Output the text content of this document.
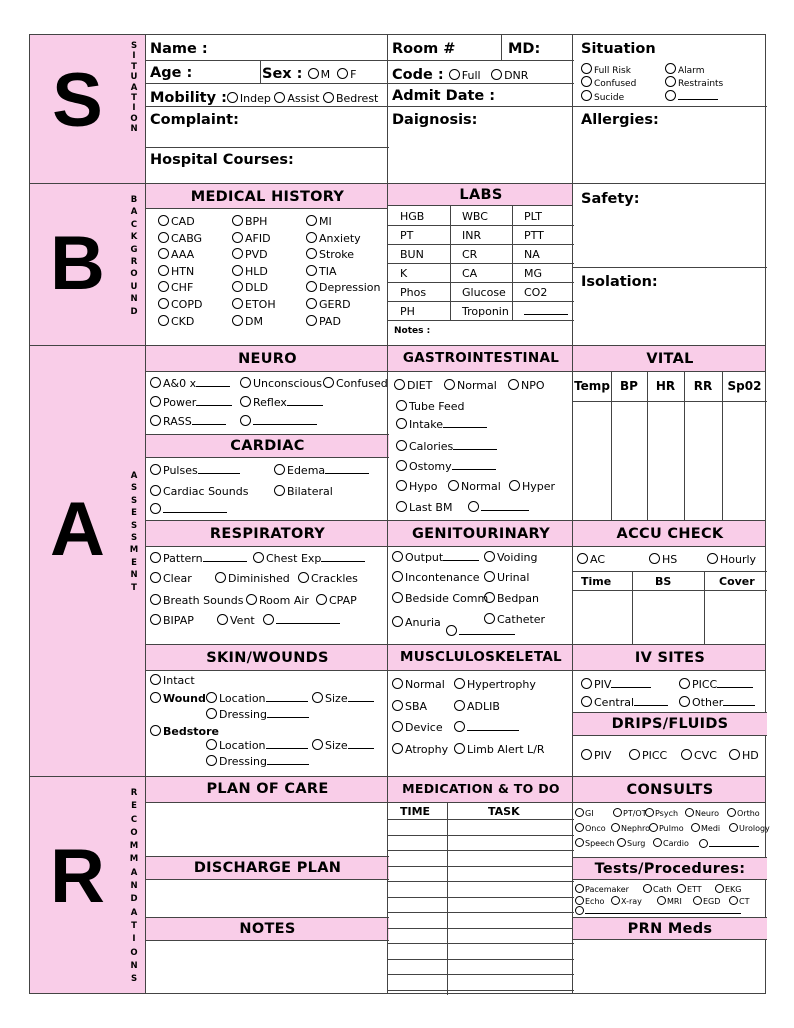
S
S
I
T
U
A
T
I
O
N
Name :
Age :	Sex : M F
Mobility : Indep Assist Bedrest
Complaint:
Hospital Courses:
Room #	MD:
Code : Full DNR
Admit Date :
Daignosis:
Situation
Full Risk	Alarm
Confused	Restraints
Sucide
Allergies:
B
B
A
C
K
G
R
O
U
N
D
MEDICAL HISTORY
CAD	BPH	MI
CABG	AFID	Anxiety
AAA	PVD	Stroke
HTN	HLD	TIA
CHF	DLD	Depression
COPD	ETOH	GERD
CKD	DM	PAD
LABS
HGB	WBC	PLT
PT	INR	PTT
BUN	CR	NA
K	CA	MG
Phos	Glucose CO2
PH	Troponin
Notes :
Safety:
Isolation:
A
A
S
S
E
S
S
M
E
N
T
NEURO
A&0 x	Unconscious	Confused
Power	Reflex
RASS
CARDIAC
Pulses	Edema
Cardiac Sounds	Bilateral
RESPIRATORY
Pattern	Chest Exp
Clear	Diminished	Crackles
Breath Sounds	Room Air	CPAP
BIPAP	Vent
SKIN/WOUNDS
Intact
Wound	Location	Size
Dressing
Bedstore
Location	Size
Dressing
GASTROINTESTINAL
DIET	Normal	NPO
Tube Feed
Intake
Calories
Ostomy
Hypo	Normal	Hyper
Last BM
GENITOURINARY
Output	Voiding
Incontenance	Urinal
Bedside Comm Bedpan
Catheter
Anuria
MUSCLULOSKELETAL
Normal	Hypertrophy
SBA	ADLIB
Device
Atrophy	Limb Alert L/R
VITAL
Temp BP	HR	RR	Sp02
ACCU CHECK
AC	HS	Hourly
Time	BS	Cover
IV SITES
PIV	PICC
Central	Other
DRIPS/FLUIDS
PIV	PICC	CVC	HD
R
R
E
C
O
M
M
A
N
D
A
T
I
O
N
S
PLAN OF CARE
DISCHARGE PLAN
NOTES
MEDICATION & TO DO
TIME	TASK
CONSULTS
GI	PT/OT	Psych	Neuro	Ortho
Onco	Nephro	Pulmo	Medi	Urology
Speech	Surg	Cardio
Tests/Procedures:
Pacemaker	Cath	ETT	EKG
Echo	X-ray	MRI	EGD	CT
PRN Meds
